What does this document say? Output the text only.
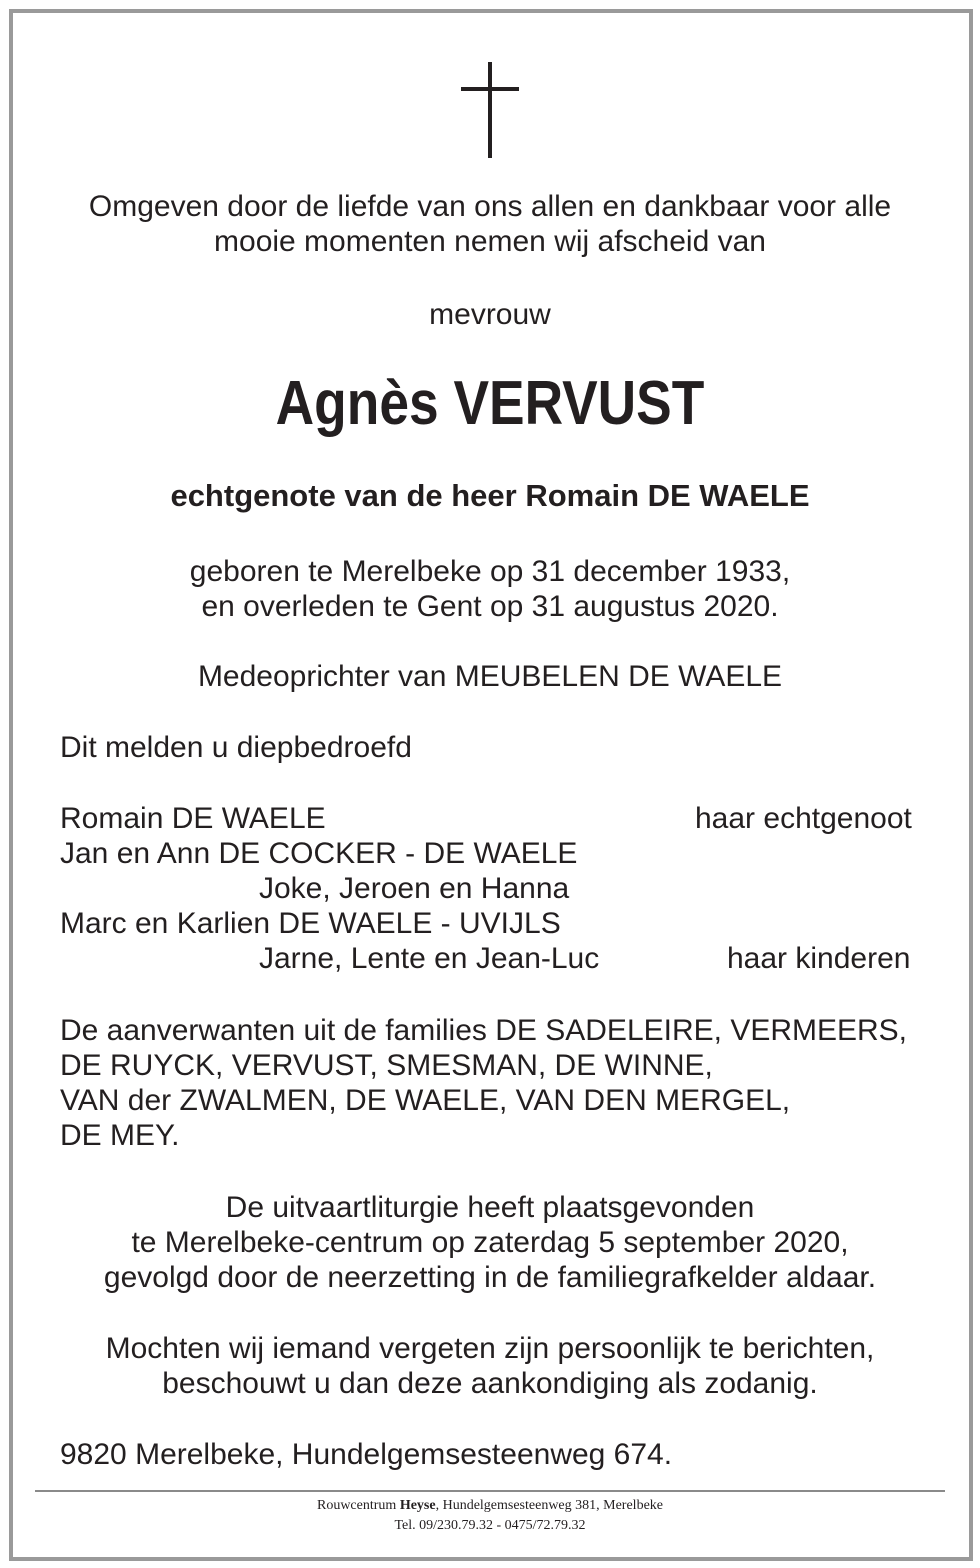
Omgeven door de liefde van ons allen en dankbaar voor alle
mooie momenten nemen wij afscheid van
mevrouw
Agnès VERVUST
echtgenote van de heer Romain DE WAELE
geboren te Merelbeke op 31 december 1933,
en overleden te Gent op 31 augustus 2020.
Medeoprichter van MEUBELEN DE WAELE
Dit melden u diepbedroefd
Romain DE WAELE
Jan en Ann DE COCKER - DE WAELE
Joke, Jeroen en Hanna
Marc en Karlien DE WAELE - UVIJLS
Jarne, Lente en Jean-Luc
haar echtgenoot
haar kinderen
De aanverwanten uit de families DE SADELEIRE, VERMEERS,
DE RUYCK, VERVUST, SMESMAN, DE WINNE,
VAN der ZWALMEN, DE WAELE, VAN DEN MERGEL,
DE MEY.
De uitvaartliturgie heeft plaatsgevonden
te Merelbeke-centrum op zaterdag 5 september 2020,
gevolgd door de neerzetting in de familiegrafkelder aldaar.
Mochten wij iemand vergeten zijn persoonlijk te berichten,
beschouwt u dan deze aankondiging als zodanig.
9820 Merelbeke, Hundelgemsesteenweg 674.
Rouwcentrum Heyse, Hundelgemsesteenweg 381, Merelbeke
Tel. 09/230.79.32 - 0475/72.79.32
